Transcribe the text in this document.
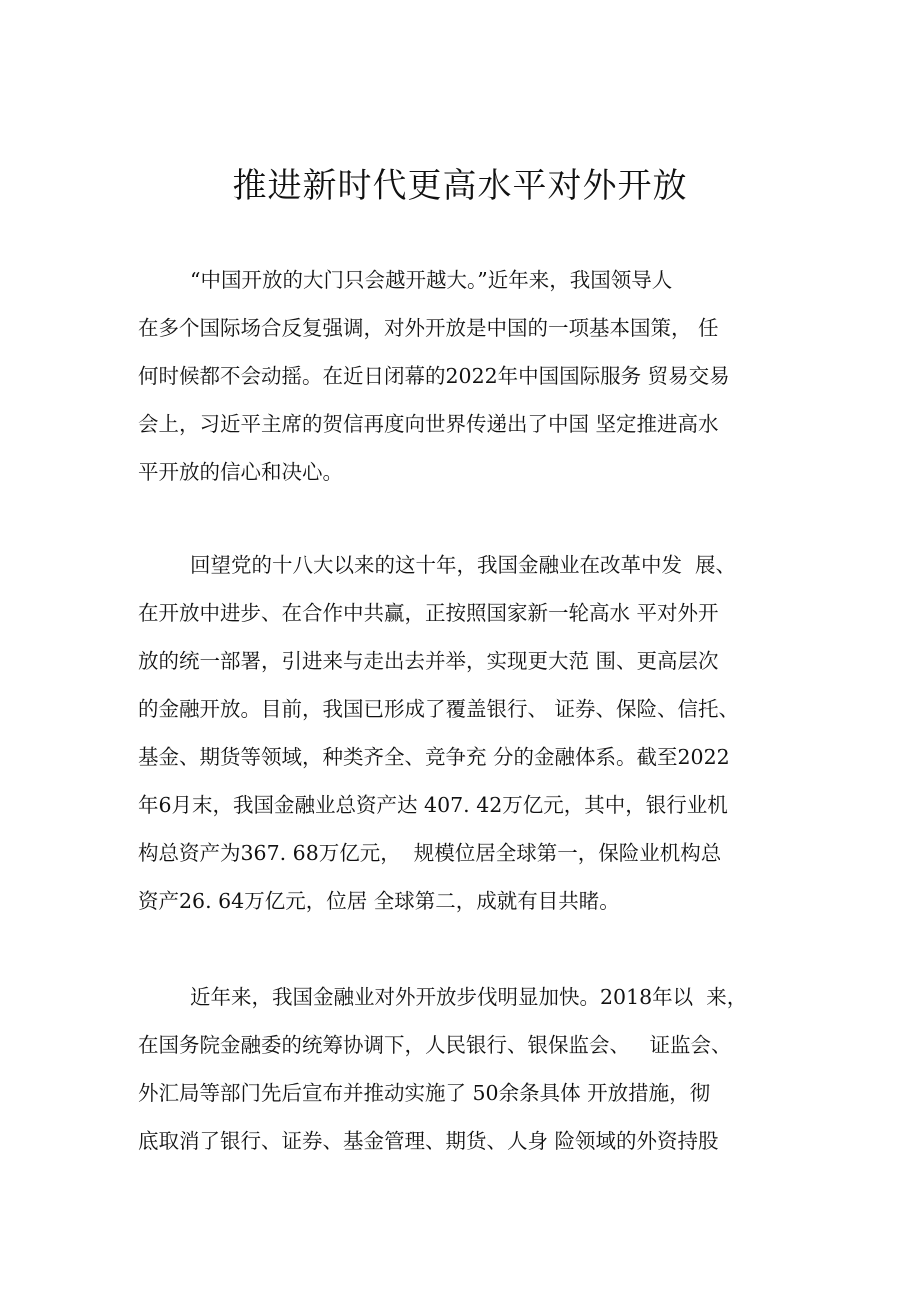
推进新时代更高水平对外开放
“中国开放的大门只会越开越大。”近年来，我国领导人
在多个国际场合反复强调，对外开放是中国的一项基本国策， 任
何时候都不会动摇。在近日闭幕的2022年中国国际服务 贸易交易
会上，习近平主席的贺信再度向世界传递出了中国 坚定推进高水
平开放的信心和决心。
回望党的十八大以来的这十年，我国金融业在改革中发  展、
在开放中进步、在合作中共赢，正按照国家新一轮高水 平对外开
放的统一部署，引进来与走出去并举，实现更大范 围、更高层次
的金融开放。目前，我国已形成了覆盖银行、 证券、保险、信托、
基金、期货等领域，种类齐全、竞争充 分的金融体系。截至2022
年6月末，我国金融业总资产达 407. 42万亿元，其中，银行业机
构总资产为367. 68万亿元，  规模位居全球第一，保险业机构总
资产26. 64万亿元，位居 全球第二，成就有目共睹。
近年来，我国金融业对外开放步伐明显加快。2018年以  来，
在国务院金融委的统筹协调下，人民银行、银保监会、   证监会、
外汇局等部门先后宣布并推动实施了 50余条具体 开放措施，彻
底取消了银行、证券、基金管理、期货、人身 险领域的外资持股
